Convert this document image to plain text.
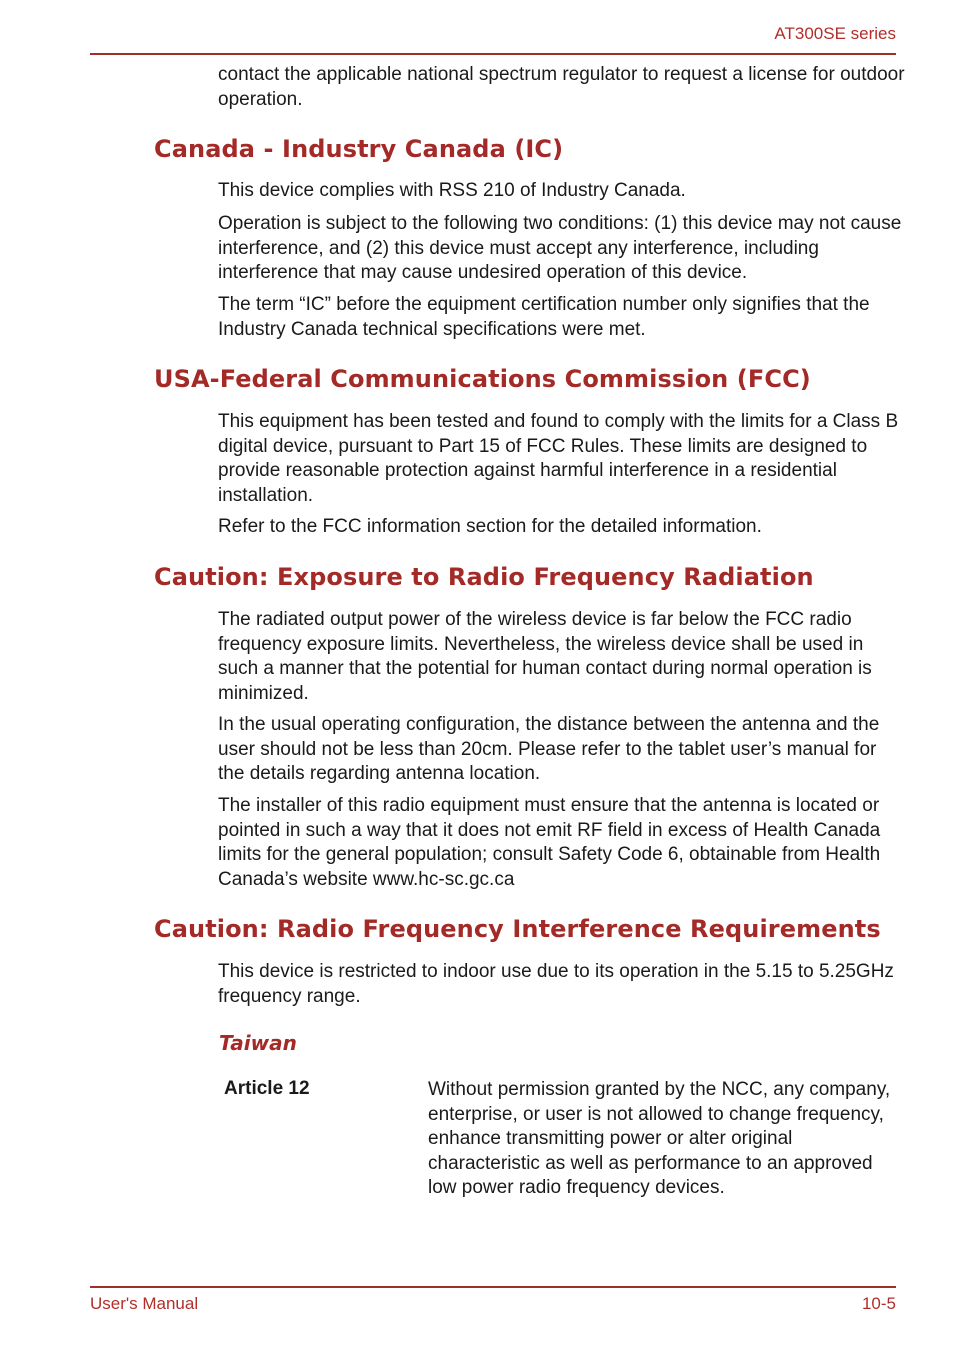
AT300SE series

contact the applicable national spectrum regulator to request a license for outdoor operation.

Canada - Industry Canada (IC)

This device complies with RSS 210 of Industry Canada.

Operation is subject to the following two conditions: (1) this device may not cause interference, and (2) this device must accept any interference, including interference that may cause undesired operation of this device.

The term “IC” before the equipment certification number only signifies that the Industry Canada technical specifications were met.

USA-Federal Communications Commission (FCC)

This equipment has been tested and found to comply with the limits for a Class B digital device, pursuant to Part 15 of FCC Rules. These limits are designed to provide reasonable protection against harmful interference in a residential installation.

Refer to the FCC information section for the detailed information.

Caution: Exposure to Radio Frequency Radiation

The radiated output power of the wireless device is far below the FCC radio frequency exposure limits. Nevertheless, the wireless device shall be used in such a manner that the potential for human contact during normal operation is minimized.

In the usual operating configuration, the distance between the antenna and the user should not be less than 20cm. Please refer to the tablet user’s manual for the details regarding antenna location.

The installer of this radio equipment must ensure that the antenna is located or pointed in such a way that it does not emit RF field in excess of Health Canada limits for the general population; consult Safety Code 6, obtainable from Health Canada’s website www.hc-sc.gc.ca

Caution: Radio Frequency Interference Requirements

This device is restricted to indoor use due to its operation in the 5.15 to 5.25GHz frequency range.

Taiwan
Article 12	Without permission granted by the NCC, any company, enterprise, or user is not allowed to change frequency, enhance transmitting power or alter original characteristic as well as performance to an approved low power radio frequency devices.
User's Manual	10-5
